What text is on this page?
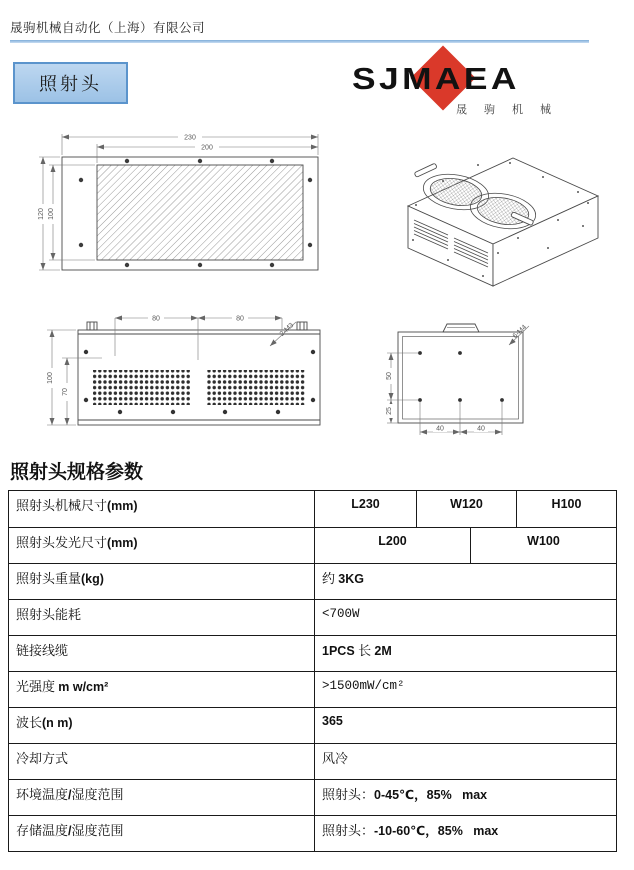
晟驹机械自动化（上海）有限公司
照射头	SJMAEA
晟驹机械
230
200
120 100
80	80
100
70
2-M3
40	40
50
25
6-M4
照射头规格参数
照射头机械尺寸(mm)	L230	W120	H100
照射头发光尺寸(mm)	L200	W100
照射头重量(kg)	约 3KG
照射头能耗	<700W
链接线缆	1PCS 长 2M
光强度 m w/cm²	>1500mW/cm²
波长(n m)	365
冷却方式	风冷
环境温度/湿度范围	照射头：0-45℃，85%   max
存储温度/湿度范围	照射头：-10-60℃，85%   max
